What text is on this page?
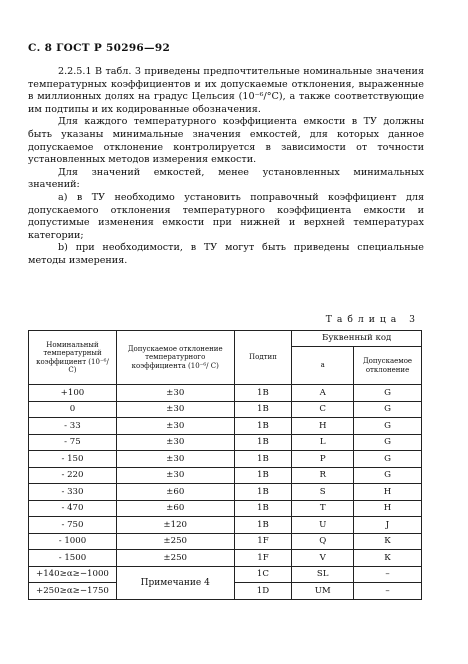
С. 8 ГОСТ Р 50296—92

2.2.5.1 В табл. 3 приведены предпочтительные номинальные значения температурных коэффициентов и их допускаемые отклонения, выраженные в миллионных долях на градус Цельсия (10⁻⁶/°С), а также соответствующие им подтипы и их кодированные обозначения.

Для каждого температурного коэффициента емкости в ТУ должны быть указаны минимальные значения емкостей, для которых данное допускаемое отклонение контролируется в зависимости от точности установленных методов измерения емкости.

Для значений емкостей, менее установленных минимальных значений:

а) в ТУ необходимо установить поправочный коэффициент для допускаемого отклонения температурного коэффициента емкости и допустимые изменения емкости при нижней и верхней температурах категории;

b) при необходимости, в ТУ могут быть приведены специальные методы измерения.

Таблица 3
Номинальный температурный коэффициент (10⁻⁶/ С)	Допускаемое отклонение температурного коэффициента (10⁻⁶/ С)	Подтип	Буквенный код	
			а	Допускаемое отклонение
+100	±30	1В	А	G
0	±30	1В	С	G
- 33	±30	1В	Н	G
- 75	±30	1В	L	G
- 150	±30	1В	Р	G
- 220	±30	1В	R	G
- 330	±60	1В	S	Н
- 470	±60	1В	Т	Н
- 750	±120	1В	U	J
- 1000	±250	1F	Q	К
- 1500	±250	1F	V	К
+140≥α≥−1000	Примечание 4	1С	SL	–
+250≥α≥−1750		1D	UM	–
